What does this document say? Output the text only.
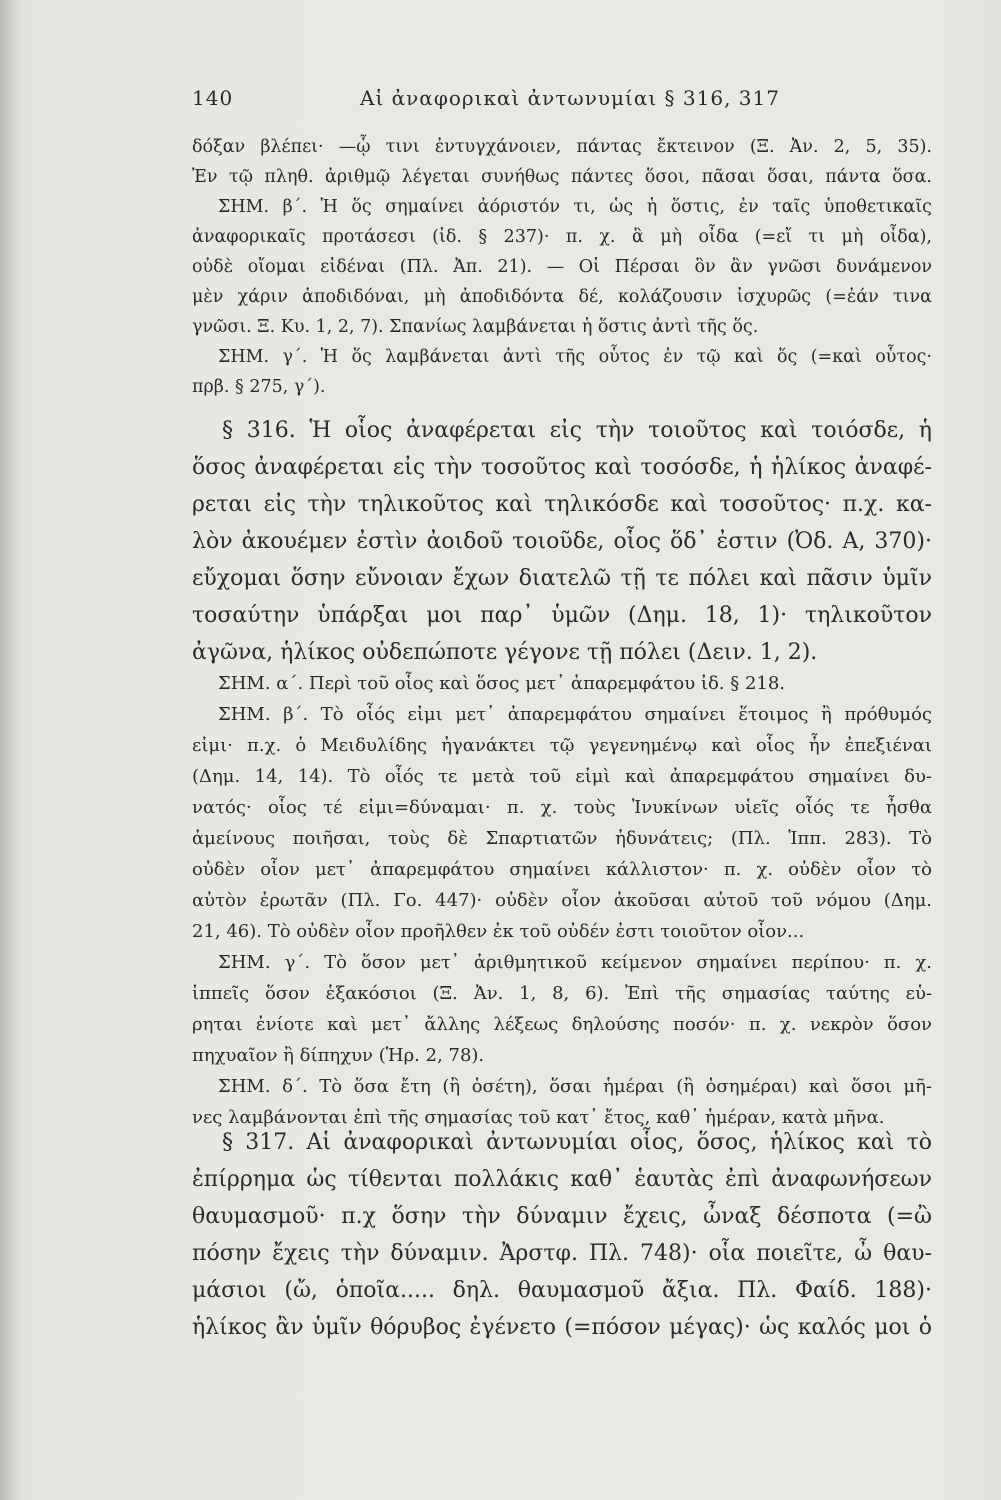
140	Αἱ ἀναφορικαὶ ἀντωνυμίαι § 316, 317
δόξαν βλέπει· —ᾧ τινι ἐντυγχάνοιεν, πάντας ἔκτεινον (Ξ. Ἀν. 2, 5, 35).
Ἐν τῷ πληθ. ἀριθμῷ λέγεται συνήθως πάντες ὅσοι, πᾶσαι ὅσαι, πάντα ὅσα.
ΣΗΜ. β΄. Ἡ ὅς σημαίνει ἀόριστόν τι, ὡς ἡ ὅστις, ἐν ταῖς ὑποθετικαῖς
ἀναφορικαῖς προτάσεσι (ἰδ. § 237)· π. χ. ἃ μὴ οἶδα (=εἴ τι μὴ οἶδα),
οὐδὲ οἴομαι εἰδέναι (Πλ. Ἀπ. 21). — Οἱ Πέρσαι ὃν ἂν γνῶσι δυνάμενον
μὲν χάριν ἀποδιδόναι, μὴ ἀποδιδόντα δέ, κολάζουσιν ἰσχυρῶς (=ἐάν τινα
γνῶσι. Ξ. Κυ. 1, 2, 7). Σπανίως λαμβάνεται ἡ ὅστις ἀντὶ τῆς ὅς.
ΣΗΜ. γ΄. Ἡ ὅς λαμβάνεται ἀντὶ τῆς οὗτος ἐν τῷ καὶ ὅς (=καὶ οὗτος·
πρβ. § 275, γ΄).
§ 316. Ἡ οἷος ἀναφέρεται εἰς τὴν τοιοῦτος καὶ τοιόσδε, ἡ
ὅσος ἀναφέρεται εἰς τὴν τοσοῦτος καὶ τοσόσδε, ἡ ἡλίκος ἀναφέ-
ρεται εἰς τὴν τηλικοῦτος καὶ τηλικόσδε καὶ τοσοῦτος· π.χ. κα-
λὸν ἀκουέμεν ἐστὶν ἀοιδοῦ τοιοῦδε, οἷος ὅδ᾽ ἐστιν (Ὀδ. Α, 370)·
εὔχομαι ὅσην εὔνοιαν ἔχων διατελῶ τῇ τε πόλει καὶ πᾶσιν ὑμῖν
τοσαύτην ὑπάρξαι μοι παρ᾽ ὑμῶν (Δημ. 18, 1)· τηλικοῦτον
ἀγῶνα, ἡλίκος οὐδεπώποτε γέγονε τῇ πόλει (Δειν. 1, 2).
ΣΗΜ. α΄. Περὶ τοῦ οἷος καὶ ὅσος μετ᾽ ἀπαρεμφάτου ἰδ. § 218.
ΣΗΜ. β΄. Τὸ οἷός εἰμι μετ᾽ ἀπαρεμφάτου σημαίνει ἕτοιμος ἢ πρόθυμός
εἰμι· π.χ. ὁ Μειδυλίδης ἠγανάκτει τῷ γεγενημένῳ καὶ οἷος ἦν ἐπεξιέναι
(Δημ. 14, 14). Τὸ οἷός τε μετὰ τοῦ εἰμὶ καὶ ἀπαρεμφάτου σημαίνει δυ-
νατός· οἷος τέ εἰμι=δύναμαι· π. χ. τοὺς Ἰνυκίνων υἱεῖς οἷός τε ἦσθα
ἀμείνους ποιῆσαι, τοὺς δὲ Σπαρτιατῶν ἠδυνάτεις; (Πλ. Ἱππ. 283). Τὸ
οὐδὲν οἷον μετ᾽ ἀπαρεμφάτου σημαίνει κάλλιστον· π. χ. οὐδὲν οἷον τὸ
αὐτὸν ἐρωτᾶν (Πλ. Γο. 447)· οὐδὲν οἷον ἀκοῦσαι αὐτοῦ τοῦ νόμου (Δημ.
21, 46). Τὸ οὐδὲν οἷον προῆλθεν ἐκ τοῦ οὐδέν ἐστι τοιοῦτον οἷον...
ΣΗΜ. γ΄. Τὸ ὅσον μετ᾽ ἀριθμητικοῦ κείμενον σημαίνει περίπου· π. χ.
ἱππεῖς ὅσον ἑξακόσιοι (Ξ. Ἀν. 1, 8, 6). Ἐπὶ τῆς σημασίας ταύτης εὑ-
ρηται ἐνίοτε καὶ μετ᾽ ἄλλης λέξεως δηλούσης ποσόν· π. χ. νεκρὸν ὅσον
πηχυαῖον ἢ δίπηχυν (Ἡρ. 2, 78).
ΣΗΜ. δ΄. Τὸ ὅσα ἔτη (ἢ ὁσέτη), ὅσαι ἡμέραι (ἢ ὁσημέραι) καὶ ὅσοι μῆ-
νες λαμβάνονται ἐπὶ τῆς σημασίας τοῦ κατ᾽ ἔτος, καθ᾽ ἡμέραν, κατὰ μῆνα.
§ 317. Αἱ ἀναφορικαὶ ἀντωνυμίαι οἷος, ὅσος, ἡλίκος καὶ τὸ
ἐπίρρημα ὡς τίθενται πολλάκις καθ᾽ ἑαυτὰς ἐπὶ ἀναφωνήσεων
θαυμασμοῦ· π.χ ὅσην τὴν δύναμιν ἔχεις, ὦναξ δέσποτα (=ὢ
πόσην ἔχεις τὴν δύναμιν. Ἀρστφ. Πλ. 748)· οἷα ποιεῖτε, ὦ θαυ-
μάσιοι (ὤ, ὁποῖα..... δηλ. θαυμασμοῦ ἄξια. Πλ. Φαίδ. 188)·
ἡλίκος ἂν ὑμῖν θόρυβος ἐγένετο (=πόσον μέγας)· ὡς καλός μοι ὁ
